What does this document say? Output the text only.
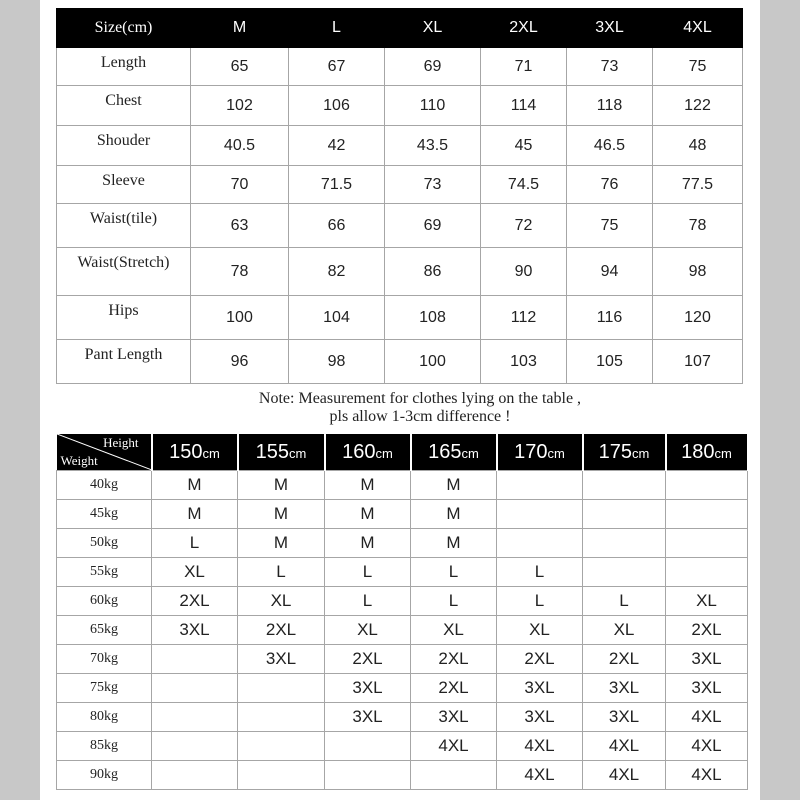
Size(cm)	M	L	XL	2XL	3XL	4XL
Length	65	67	69	71	73	75
Chest	102	106	110	114	118	122
Shouder	40.5	42	43.5	45	46.5	48
Sleeve	70	71.5	73	74.5	76	77.5
Waist(tile)	63	66	69	72	75	78
Waist(Stretch)	78	82	86	90	94	98
Hips	100	104	108	112	116	120
Pant Length	96	98	100	103	105	107
Note: Measurement for clothes lying on the table ,
pls allow 1-3cm difference !
Height
Weight	150cm	155cm	160cm	165cm	170cm	175cm	180cm
40kg	M	M	M	M			
45kg	M	M	M	M			
50kg	L	M	M	M			
55kg	XL	L	L	L	L		
60kg	2XL	XL	L	L	L	L	XL
65kg	3XL	2XL	XL	XL	XL	XL	2XL
70kg		3XL	2XL	2XL	2XL	2XL	3XL
75kg			3XL	2XL	3XL	3XL	3XL
80kg			3XL	3XL	3XL	3XL	4XL
85kg				4XL	4XL	4XL	4XL
90kg					4XL	4XL	4XL
